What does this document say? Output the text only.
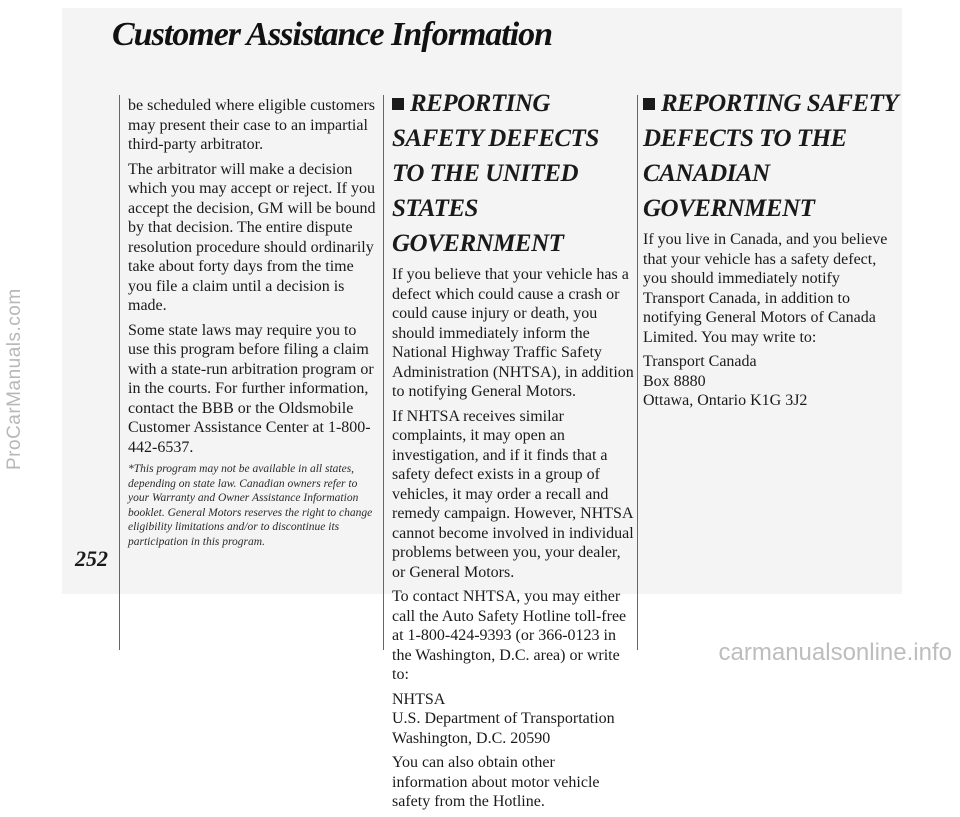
Customer Assistance Information
ProCarManuals.com
carmanualsonline.info
252

be scheduled where eligible customers may present their case to an impartial third-party arbitrator.

The arbitrator will make a decision which you may accept or reject. If you accept the decision, GM will be bound by that decision. The entire dispute resolution procedure should ordinarily take about forty days from the time you file a claim until a decision is made.

Some state laws may require you to use this program before filing a claim with a state-run arbitration program or in the courts. For further information, contact the BBB or the Oldsmobile Customer Assistance Center at 1-800-442-6537.

*This program may not be available in all states, depending on state law. Canadian owners refer to your Warranty and Owner Assistance Information booklet. General Motors reserves the right to change eligibility limitations and/or to discontinue its participation in this program.

REPORTING SAFETY DEFECTS TO THE UNITED STATES GOVERNMENT

If you believe that your vehicle has a defect which could cause a crash or could cause injury or death, you should immediately inform the National Highway Traffic Safety Administration (NHTSA), in addition to notifying General Motors.

If NHTSA receives similar complaints, it may open an investigation, and if it finds that a safety defect exists in a group of vehicles, it may order a recall and remedy campaign. However, NHTSA cannot become involved in individual problems between you, your dealer, or General Motors.

To contact NHTSA, you may either call the Auto Safety Hotline toll-free at 1-800-424-9393 (or 366-0123 in the Washington, D.C. area) or write to:

NHTSA

U.S. Department of Transportation

Washington, D.C. 20590

You can also obtain other information about motor vehicle safety from the Hotline.

REPORTING SAFETY DEFECTS TO THE CANADIAN GOVERNMENT

If you live in Canada, and you believe that your vehicle has a safety defect, you should immediately notify Transport Canada, in addition to notifying General Motors of Canada Limited. You may write to:

Transport Canada

Box 8880

Ottawa, Ontario K1G 3J2
